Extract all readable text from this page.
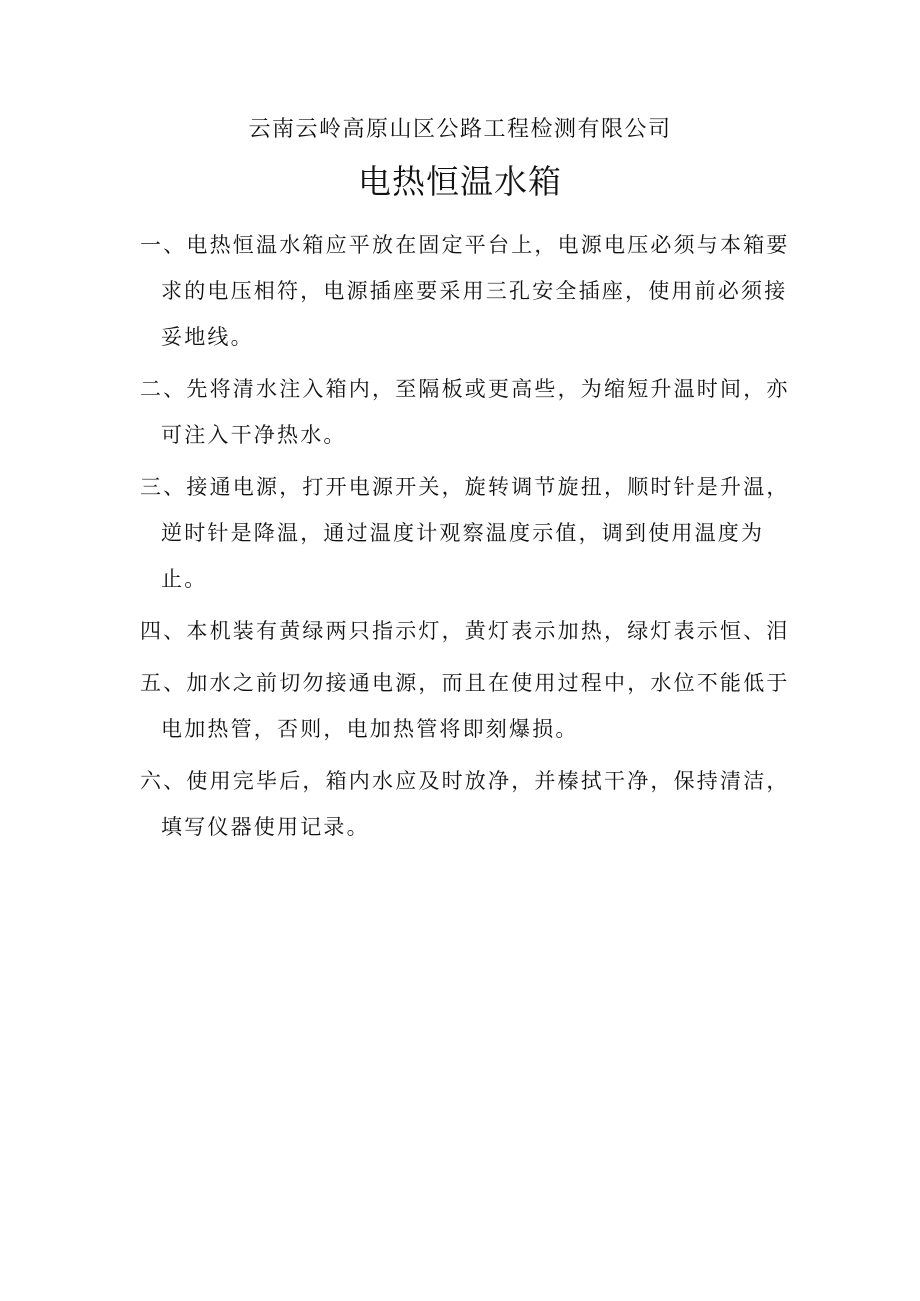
云南云岭高原山区公路工程检测有限公司
电热恒温水箱
一、电热恒温水箱应平放在固定平台上，电源电压必须与本箱要求的电压相符，电源插座要采用三孔安全插座，使用前必须接妥地线。
二、先将清水注入箱内，至隔板或更高些，为缩短升温时间，亦可注入干净热水。
三、接通电源，打开电源开关，旋转调节旋扭，顺时针是升温，逆时针是降温，通过温度计观察温度示值，调到使用温度为止。
四、本机装有黄绿两只指示灯，黄灯表示加热，绿灯表示恒、泪
五、加水之前切勿接通电源，而且在使用过程中，水位不能低于电加热管，否则，电加热管将即刻爆损。
六、使用完毕后，箱内水应及时放净，并榛拭干净，保持清洁，填写仪器使用记录。
